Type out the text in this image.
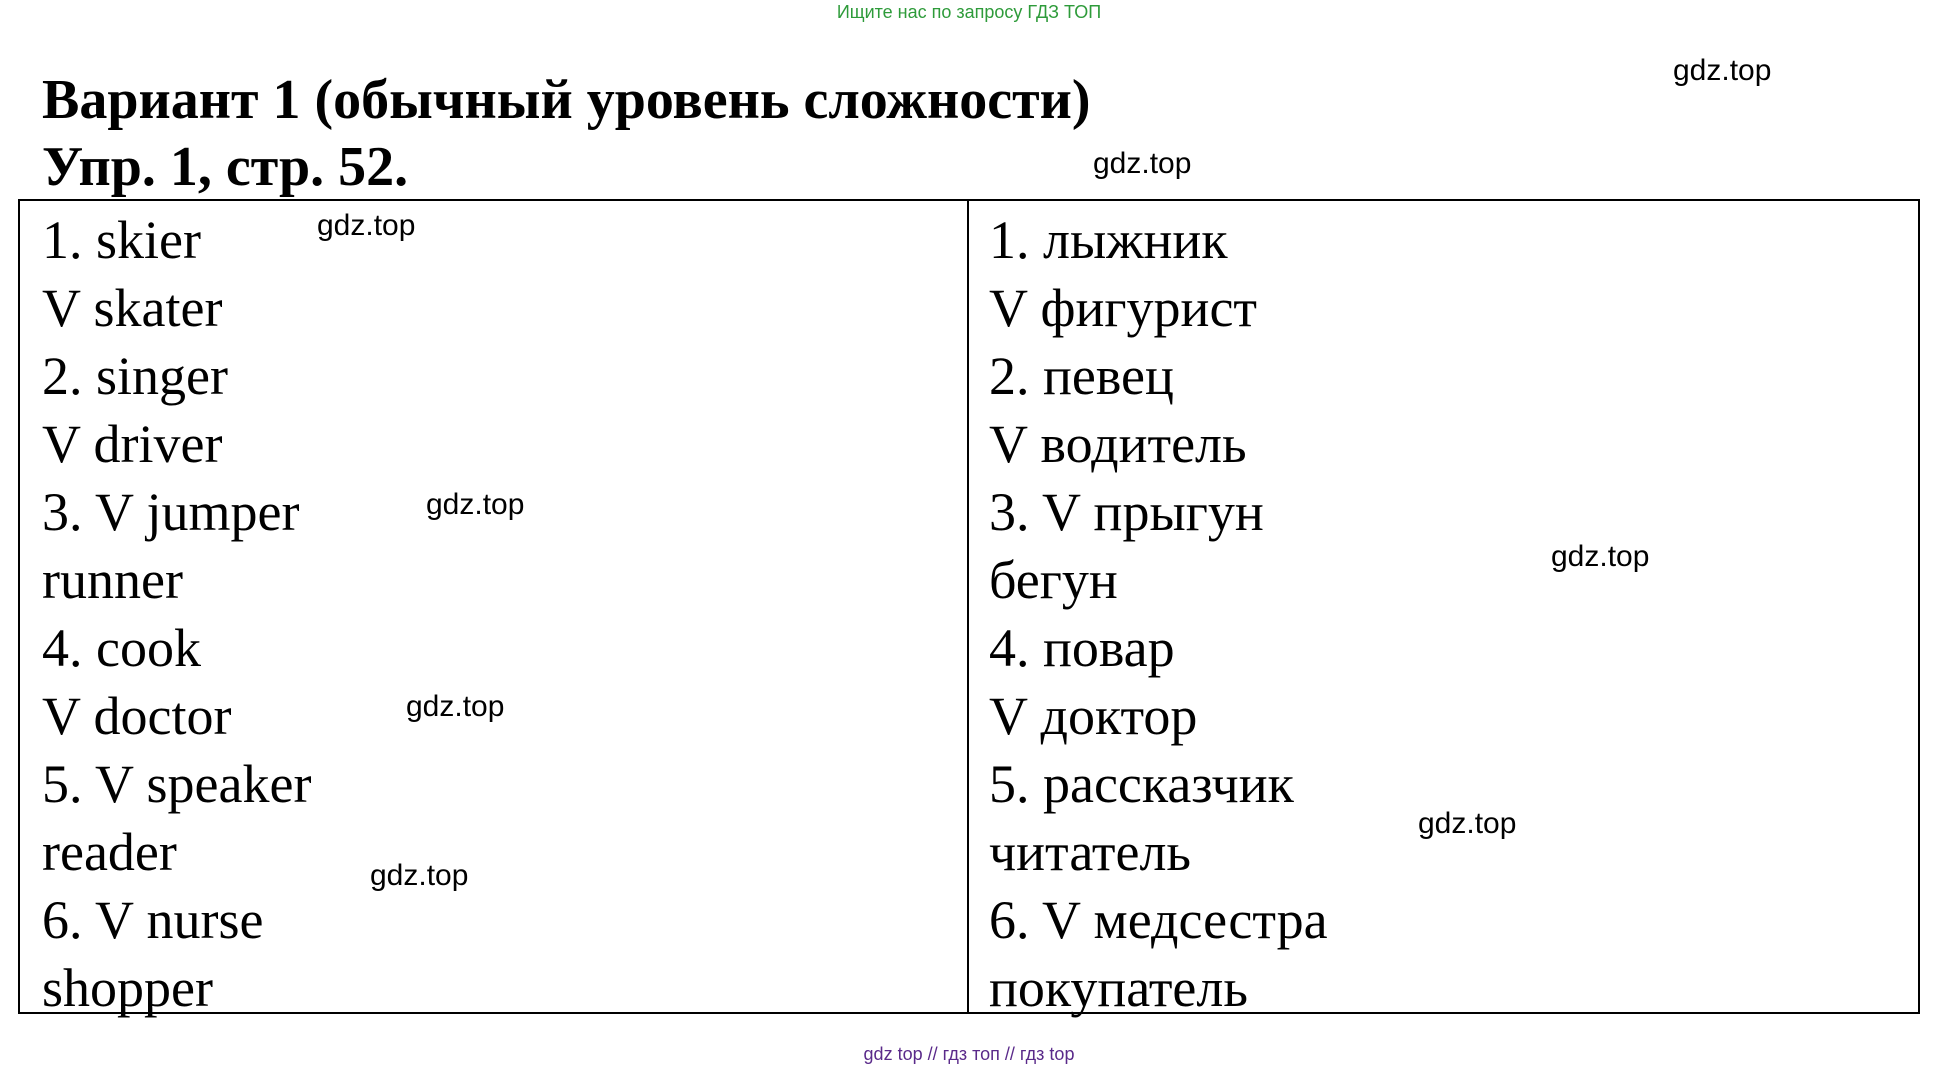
Ищите нас по запросу ГДЗ ТОП
Вариант 1 (обычный уровень сложности)
Упр. 1, стр. 52.
1. skier
V skater
2. singer
V driver
3. V jumper
runner
4. cook
V doctor
5. V speaker
reader
6. V nurse
shopper
1. лыжник
V фигурист
2. певец
V водитель
3. V прыгун
бегун
4. повар
V доктор
5. рассказчик
читатель
6. V медсестра
покупатель
gdz.top
gdz.top
gdz.top
gdz.top
gdz.top
gdz.top
gdz.top
gdz.top
gdz top // гдз топ // гдз top
